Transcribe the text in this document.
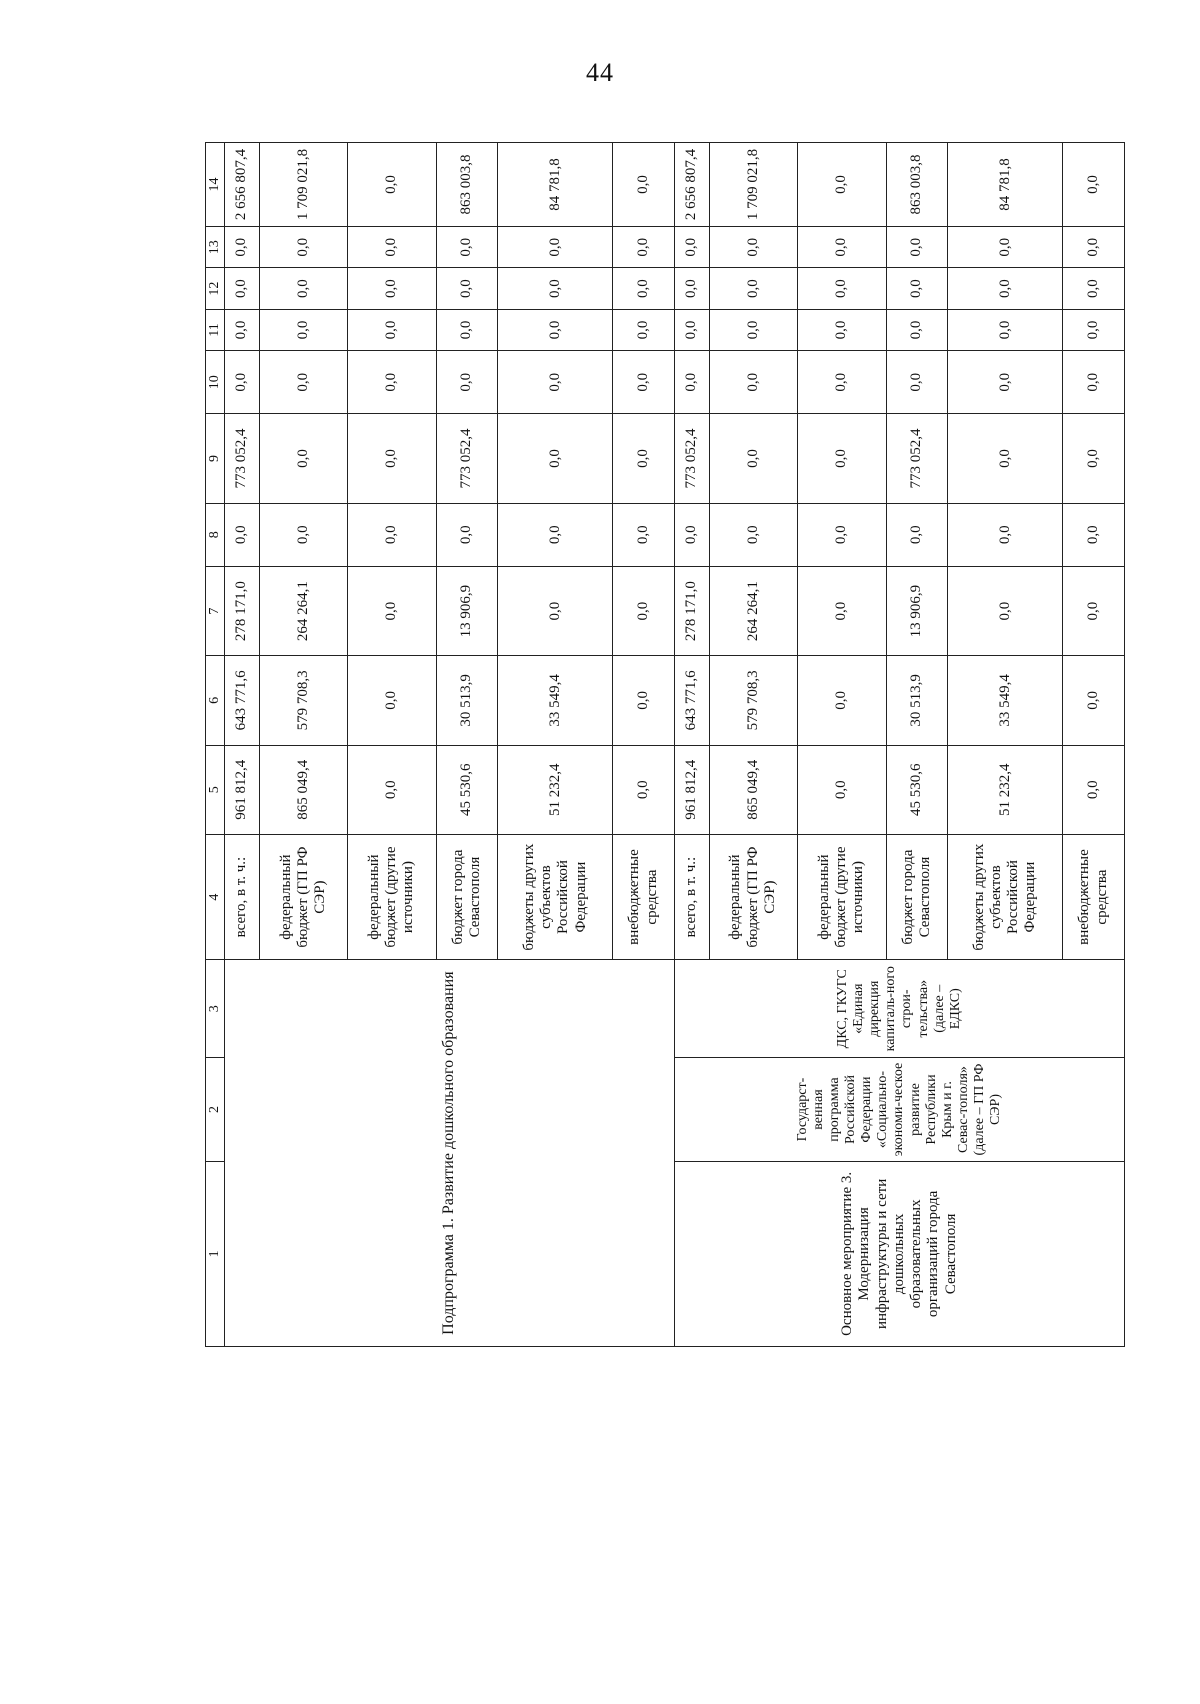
44
1	2	3	4	5	6	7	8	9	10	11	12	13	14
Подпрограмма 1. Развитие дошкольного образования			всего, в т. ч.:	961 812,4	643 771,6	278 171,0	0,0	773 052,4	0,0	0,0	0,0	0,0	2 656 807,4
			федеральный бюджет (ГП РФ СЭР)	865 049,4	579 708,3	264 264,1	0,0	0,0	0,0	0,0	0,0	0,0	1 709 021,8
			федеральный бюджет (другие источники)	0,0	0,0	0,0	0,0	0,0	0,0	0,0	0,0	0,0	0,0
			бюджет города Севастополя	45 530,6	30 513,9	13 906,9	0,0	773 052,4	0,0	0,0	0,0	0,0	863 003,8
			бюджеты других субъектов Российской Федерации	51 232,4	33 549,4	0,0	0,0	0,0	0,0	0,0	0,0	0,0	84 781,8
			внебюджетные средства	0,0	0,0	0,0	0,0	0,0	0,0	0,0	0,0	0,0	0,0
Основное мероприятие 3. Модернизация инфраструктуры и сети дошкольных образовательных организаций города Севастополя	Государст-венная программа Российской Федерации «Социально-экономи-ческое развитие Республики Крым и г. Севас-тополя» (далее – ГП РФ СЭР)	ДКС, ГКУГС «Единая дирекция капиталь-ного строи-тельства» (далее – ЕДКС)	всего, в т. ч.:	961 812,4	643 771,6	278 171,0	0,0	773 052,4	0,0	0,0	0,0	0,0	2 656 807,4
			федеральный бюджет (ГП РФ СЭР)	865 049,4	579 708,3	264 264,1	0,0	0,0	0,0	0,0	0,0	0,0	1 709 021,8
			федеральный бюджет (другие источники)	0,0	0,0	0,0	0,0	0,0	0,0	0,0	0,0	0,0	0,0
			бюджет города Севастополя	45 530,6	30 513,9	13 906,9	0,0	773 052,4	0,0	0,0	0,0	0,0	863 003,8
			бюджеты других субъектов Российской Федерации	51 232,4	33 549,4	0,0	0,0	0,0	0,0	0,0	0,0	0,0	84 781,8
			внебюджетные средства	0,0	0,0	0,0	0,0	0,0	0,0	0,0	0,0	0,0	0,0
